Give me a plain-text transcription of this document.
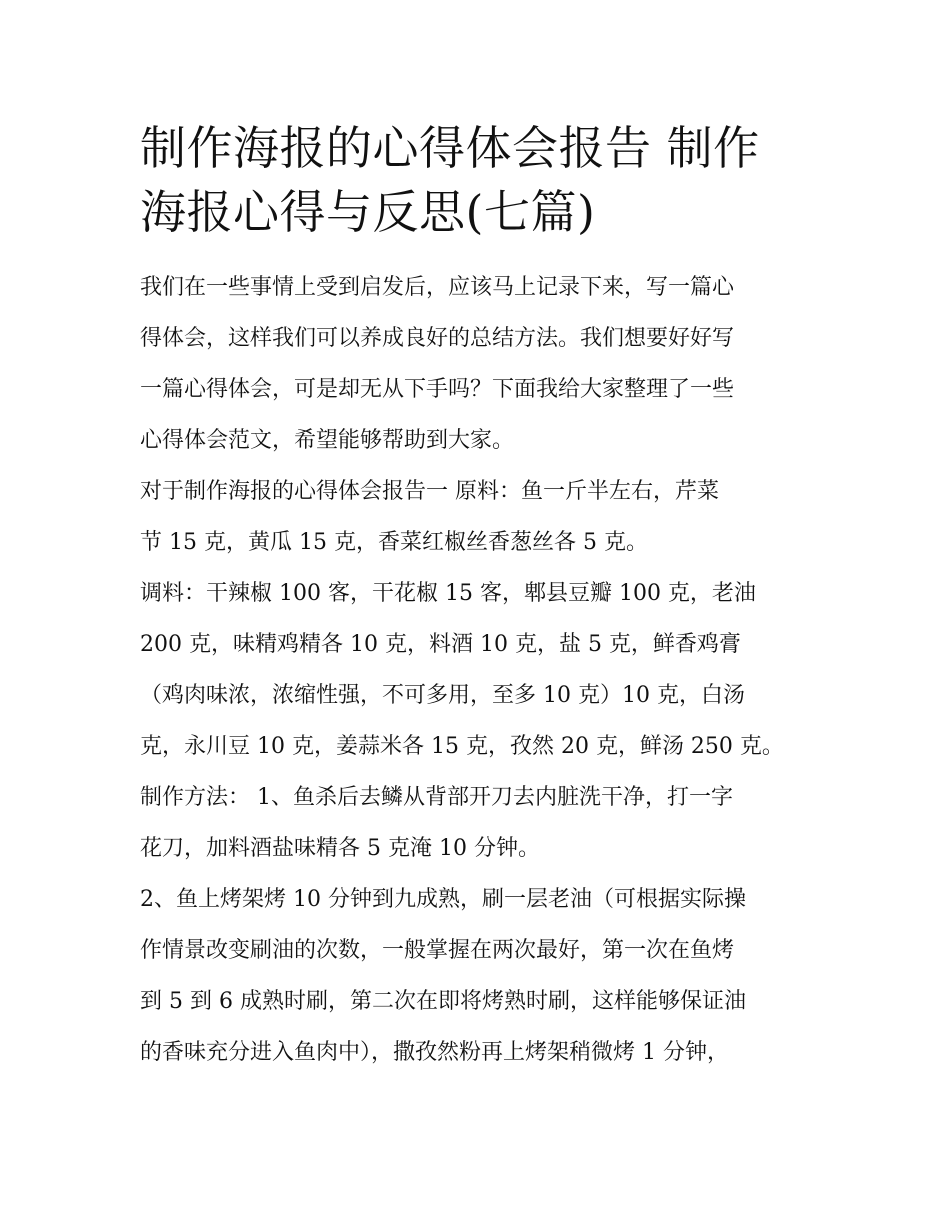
制作海报的心得体会报告 制作
海报心得与反思(七篇)

我们在一些事情上受到启发后，应该马上记录下来，写一篇心
得体会，这样我们可以养成良好的总结方法。我们想要好好写
一篇心得体会，可是却无从下手吗？下面我给大家整理了一些
心得体会范文，希望能够帮助到大家。

对于制作海报的心得体会报告一 原料：鱼一斤半左右，芹菜
节 15 克，黄瓜 15 克，香菜红椒丝香葱丝各 5 克。

调料：干辣椒 100 客，干花椒 15 客，郫县豆瓣 100 克，老油
200 克，味精鸡精各 10 克，料酒 10 克，盐 5 克，鲜香鸡膏
（鸡肉味浓，浓缩性强，不可多用，至多 10 克）10 克，白汤
克，永川豆 10 克，姜蒜米各 15 克，孜然 20 克，鲜汤 250 克。

制作方法： 1、鱼杀后去鳞从背部开刀去内脏洗干净，打一字
花刀，加料酒盐味精各 5 克淹 10 分钟。

2、鱼上烤架烤 10 分钟到九成熟，刷一层老油（可根据实际操
作情景改变刷油的次数，一般掌握在两次最好，第一次在鱼烤
到 5 到 6 成熟时刷，第二次在即将烤熟时刷，这样能够保证油
的香味充分进入鱼肉中），撒孜然粉再上烤架稍微烤 1 分钟，
